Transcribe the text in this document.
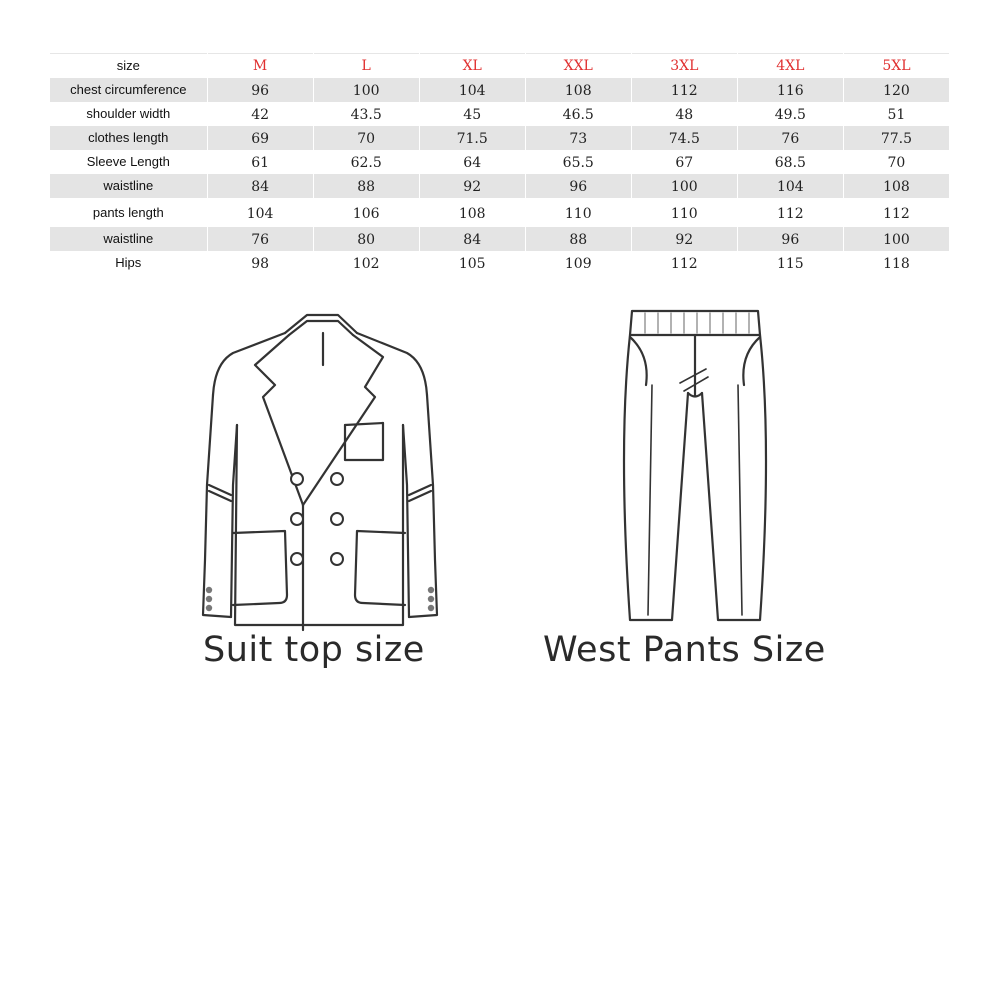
size	M	L	XL	XXL	3XL	4XL	5XL
chest circumference	96	100	104	108	112	116	120
shoulder width	42	43.5	45	46.5	48	49.5	51
clothes length	69	70	71.5	73	74.5	76	77.5
Sleeve Length	61	62.5	64	65.5	67	68.5	70
waistline	84	88	92	96	100	104	108
pants length	104	106	108	110	110	112	112
waistline	76	80	84	88	92	96	100
Hips	98	102	105	109	112	115	118
Suit top size	West Pants Size
